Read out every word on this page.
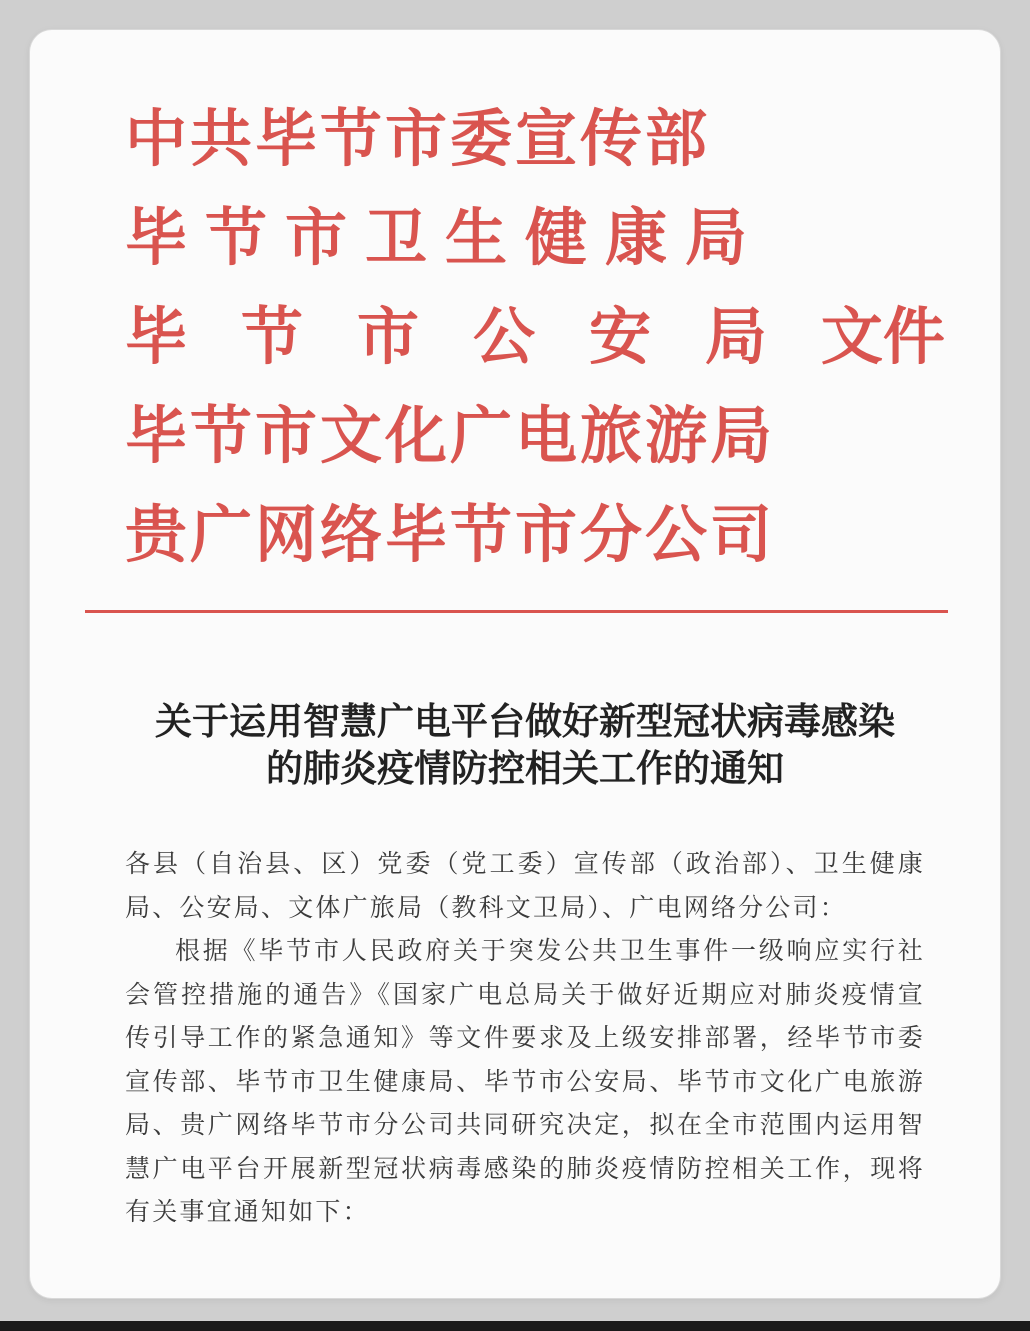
中共毕节市委宣传部
毕节市卫生健康局
毕 节 市 公 安 局 文件
毕节市文化广电旅游局
贵广网络毕节市分公司
关于运用智慧广电平台做好新型冠状病毒感染
的肺炎疫情防控相关工作的通知

各县（自治县、区）党委（党工委）宣传部（政治部）、卫生健康局、公安局、文体广旅局（教科文卫局）、广电网络分公司：

根据《毕节市人民政府关于突发公共卫生事件一级响应实行社会管控措施的通告》《国家广电总局关于做好近期应对肺炎疫情宣传引导工作的紧急通知》等文件要求及上级安排部署，经毕节市委宣传部、毕节市卫生健康局、毕节市公安局、毕节市文化广电旅游局、贵广网络毕节市分公司共同研究决定，拟在全市范围内运用智慧广电平台开展新型冠状病毒感染的肺炎疫情防控相关工作，现将有关事宜通知如下：
